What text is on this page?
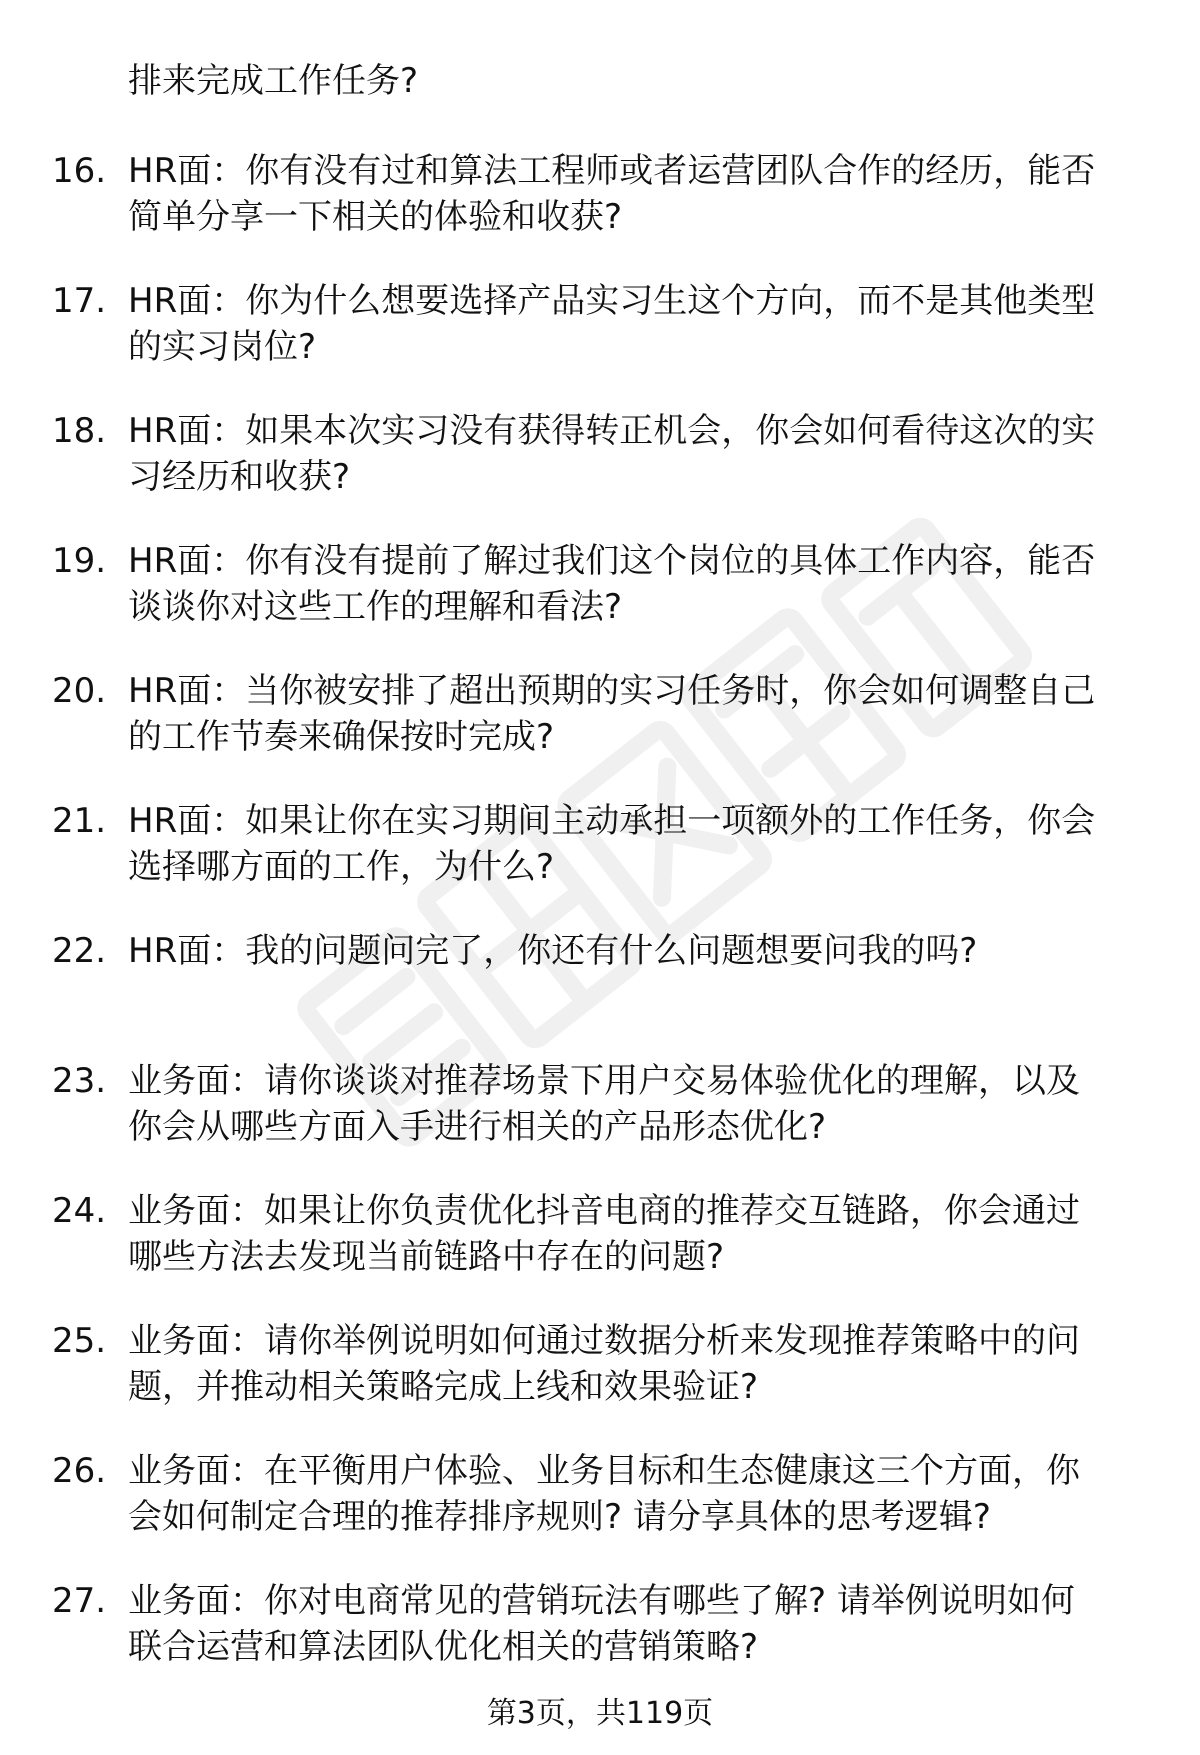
排来完成工作任务?
16. HR面：你有没有过和算法工程师或者运营团队合作的经历，能否
简单分享一下相关的体验和收获?
17. HR面：你为什么想要选择产品实习生这个方向，而不是其他类型
的实习岗位?
18. HR面：如果本次实习没有获得转正机会，你会如何看待这次的实
习经历和收获?
19. HR面：你有没有提前了解过我们这个岗位的具体工作内容，能否
谈谈你对这些工作的理解和看法?
20. HR面：当你被安排了超出预期的实习任务时，你会如何调整自己
的工作节奏来确保按时完成?
21. HR面：如果让你在实习期间主动承担一项额外的工作任务，你会
选择哪方面的工作，为什么?
22. HR面：我的问题问完了，你还有什么问题想要问我的吗?
23. 业务面：请你谈谈对推荐场景下用户交易体验优化的理解，以及
你会从哪些方面入手进行相关的产品形态优化?
24. 业务面：如果让你负责优化抖音电商的推荐交互链路，你会通过
哪些方法去发现当前链路中存在的问题?
25. 业务面：请你举例说明如何通过数据分析来发现推荐策略中的问
题，并推动相关策略完成上线和效果验证?
26. 业务面：在平衡用户体验、业务目标和生态健康这三个方面，你
会如何制定合理的推荐排序规则? 请分享具体的思考逻辑?
27. 业务面：你对电商常见的营销玩法有哪些了解? 请举例说明如何
联合运营和算法团队优化相关的营销策略?
第3页，共119页
